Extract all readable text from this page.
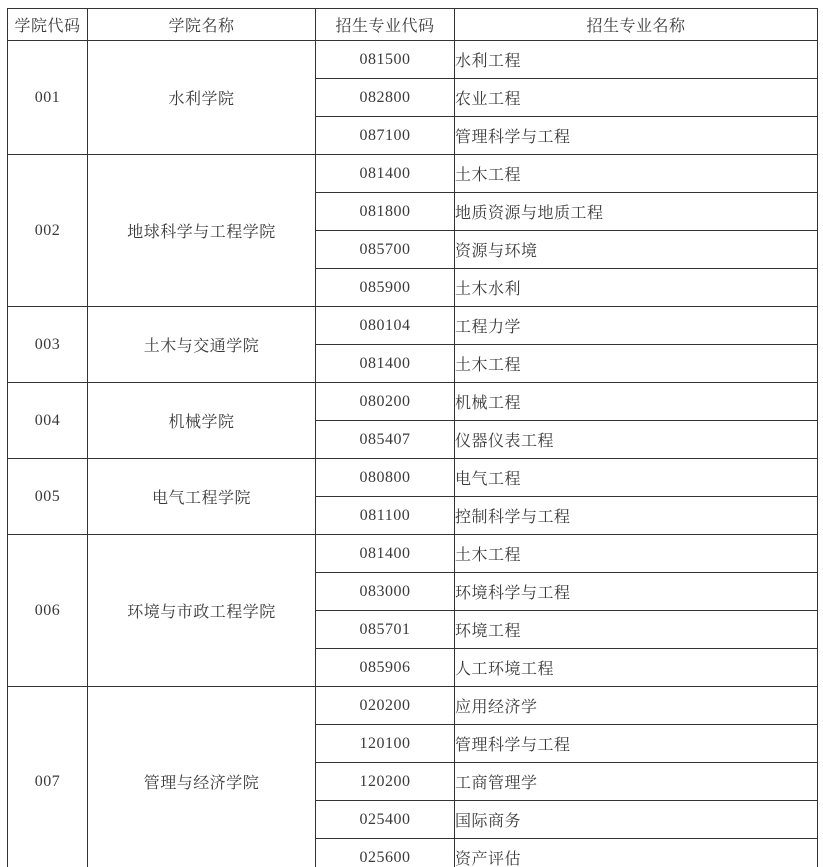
学院代码	学院名称	招生专业代码	招生专业名称
001	水利学院	081500	水利工程
		082800	农业工程
		087100	管理科学与工程
002	地球科学与工程学院	081400	土木工程
		081800	地质资源与地质工程
		085700	资源与环境
		085900	土木水利
003	土木与交通学院	080104	工程力学
		081400	土木工程
004	机械学院	080200	机械工程
		085407	仪器仪表工程
005	电气工程学院	080800	电气工程
		081100	控制科学与工程
006	环境与市政工程学院	081400	土木工程
		083000	环境科学与工程
		085701	环境工程
		085906	人工环境工程
007	管理与经济学院	020200	应用经济学
		120100	管理科学与工程
		120200	工商管理学
		025400	国际商务
		025600	资产评估
